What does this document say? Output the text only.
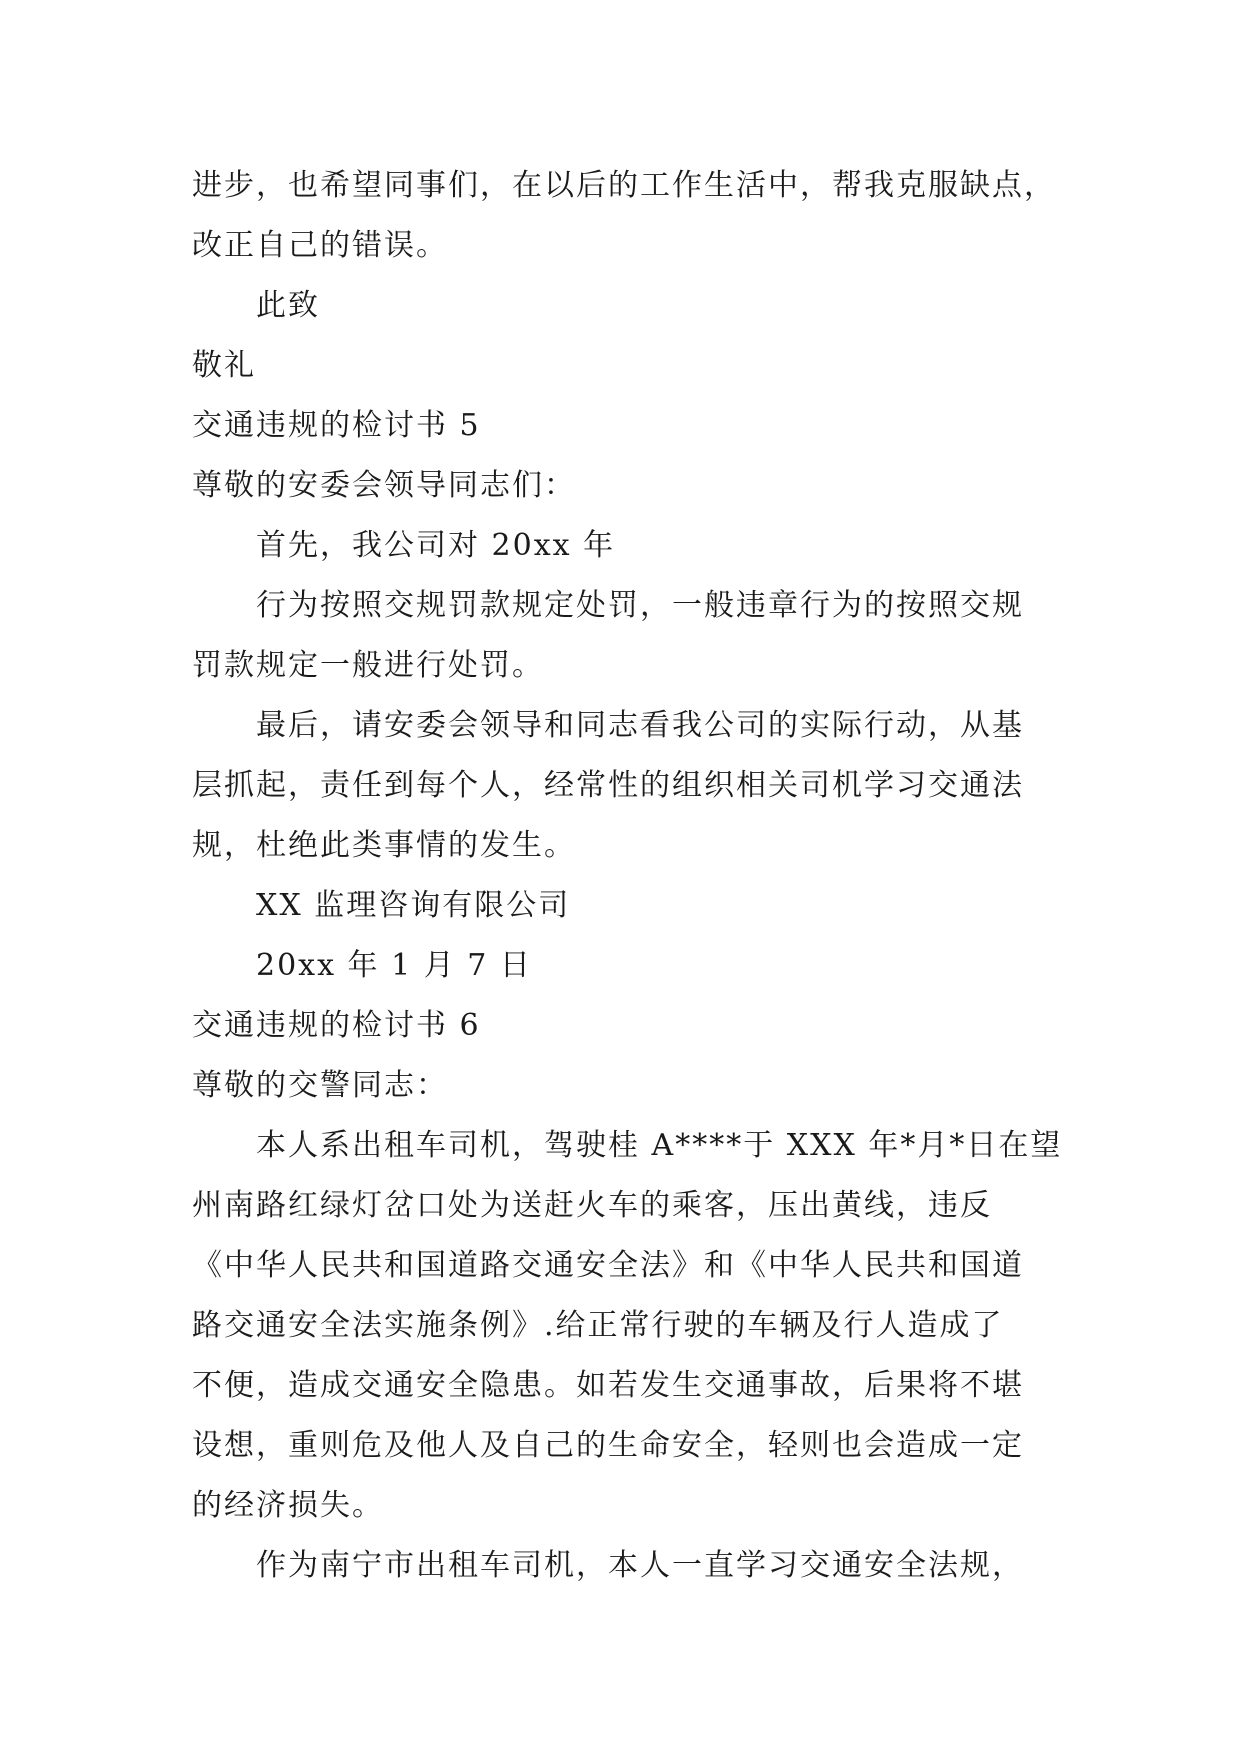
进步，也希望同事们，在以后的工作生活中，帮我克服缺点，
改正自己的错误。
此致
敬礼
交通违规的检讨书 5
尊敬的安委会领导同志们：
首先，我公司对 20xx 年
行为按照交规罚款规定处罚，一般违章行为的按照交规
罚款规定一般进行处罚。
最后，请安委会领导和同志看我公司的实际行动，从基
层抓起，责任到每个人，经常性的组织相关司机学习交通法
规，杜绝此类事情的发生。
XX 监理咨询有限公司
20xx 年 1 月 7 日
交通违规的检讨书 6
尊敬的交警同志：
本人系出租车司机，驾驶桂 A****于 XXX 年*月*日在望
州南路红绿灯岔口处为送赶火车的乘客，压出黄线，违反
《中华人民共和国道路交通安全法》和《中华人民共和国道
路交通安全法实施条例》.给正常行驶的车辆及行人造成了
不便，造成交通安全隐患。如若发生交通事故，后果将不堪
设想，重则危及他人及自己的生命安全，轻则也会造成一定
的经济损失。
作为南宁市出租车司机，本人一直学习交通安全法规，
